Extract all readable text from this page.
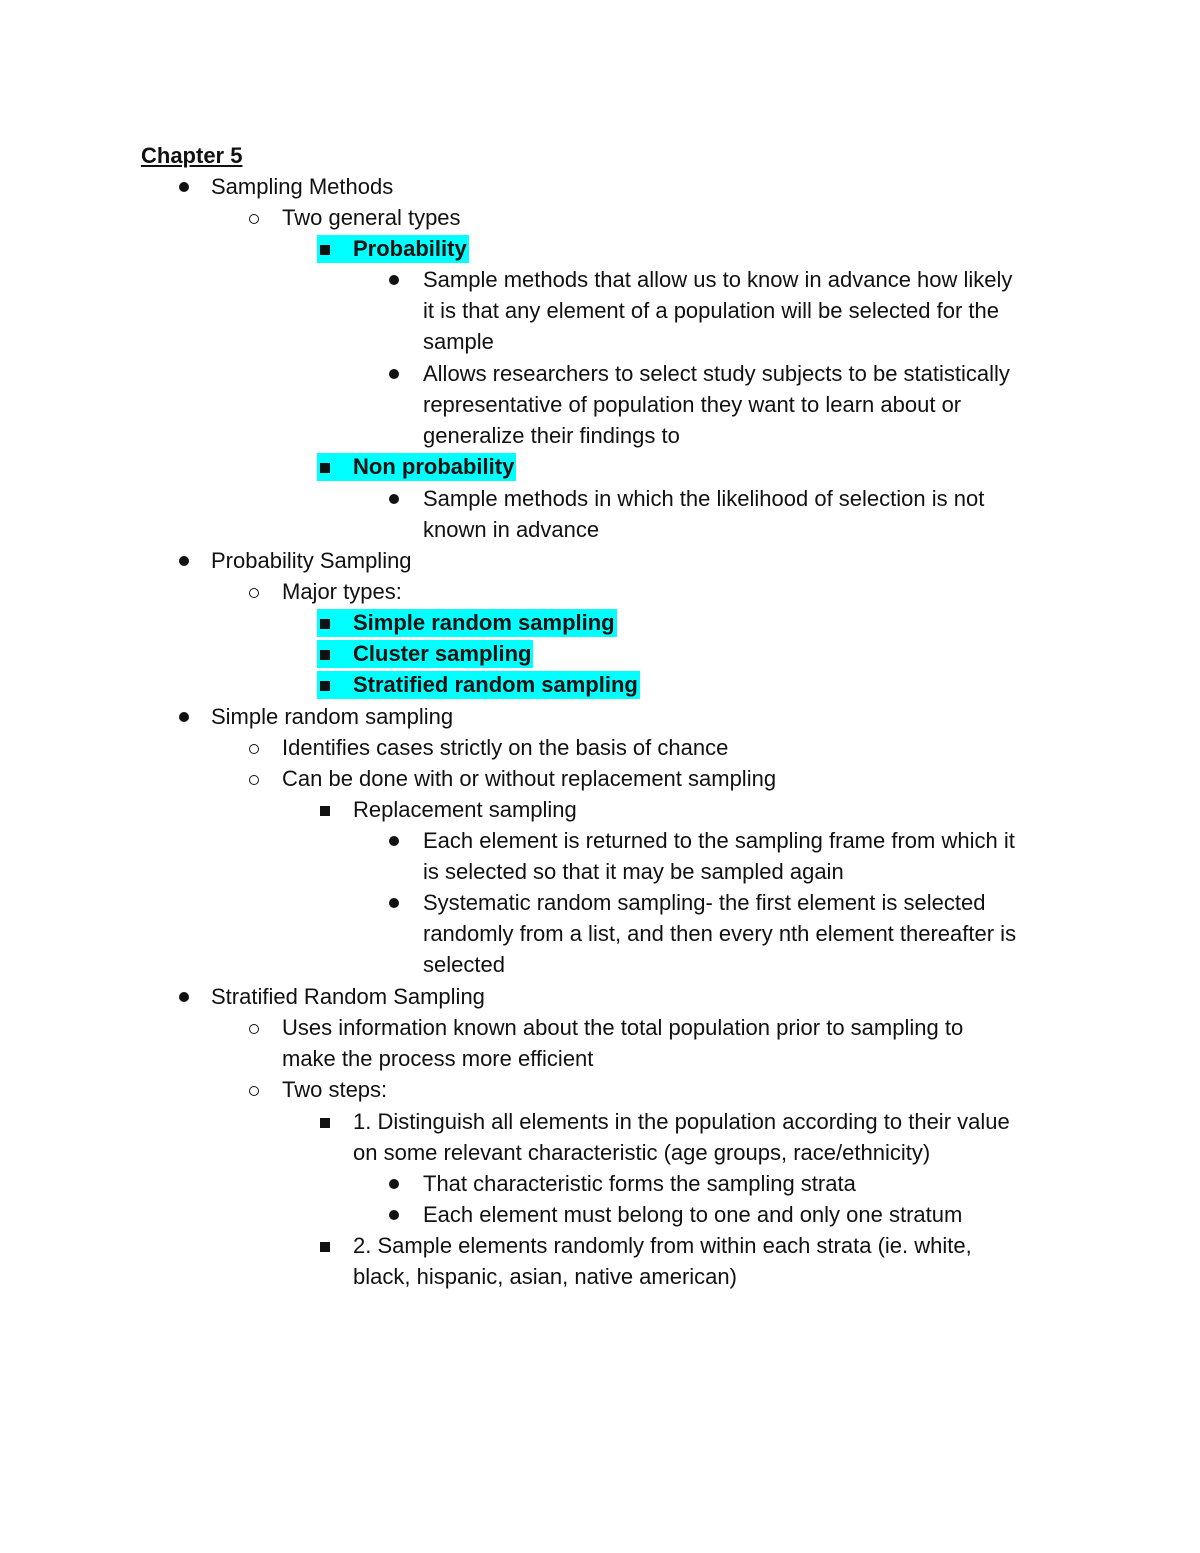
Chapter 5
Sampling Methods
Two general types
Probability
Sample methods that allow us to know in advance how likely
it is that any element of a population will be selected for the
sample
Allows researchers to select study subjects to be statistically
representative of population they want to learn about or
generalize their findings to
Non probability
Sample methods in which the likelihood of selection is not
known in advance
Probability Sampling
Major types:
Simple random sampling
Cluster sampling
Stratified random sampling
Simple random sampling
Identifies cases strictly on the basis of chance
Can be done with or without replacement sampling
Replacement sampling
Each element is returned to the sampling frame from which it
is selected so that it may be sampled again
Systematic random sampling- the first element is selected
randomly from a list, and then every nth element thereafter is
selected
Stratified Random Sampling
Uses information known about the total population prior to sampling to
make the process more efficient
Two steps:
1. Distinguish all elements in the population according to their value
on some relevant characteristic (age groups, race/ethnicity)
That characteristic forms the sampling strata
Each element must belong to one and only one stratum
2. Sample elements randomly from within each strata (ie. white,
black, hispanic, asian, native american)
